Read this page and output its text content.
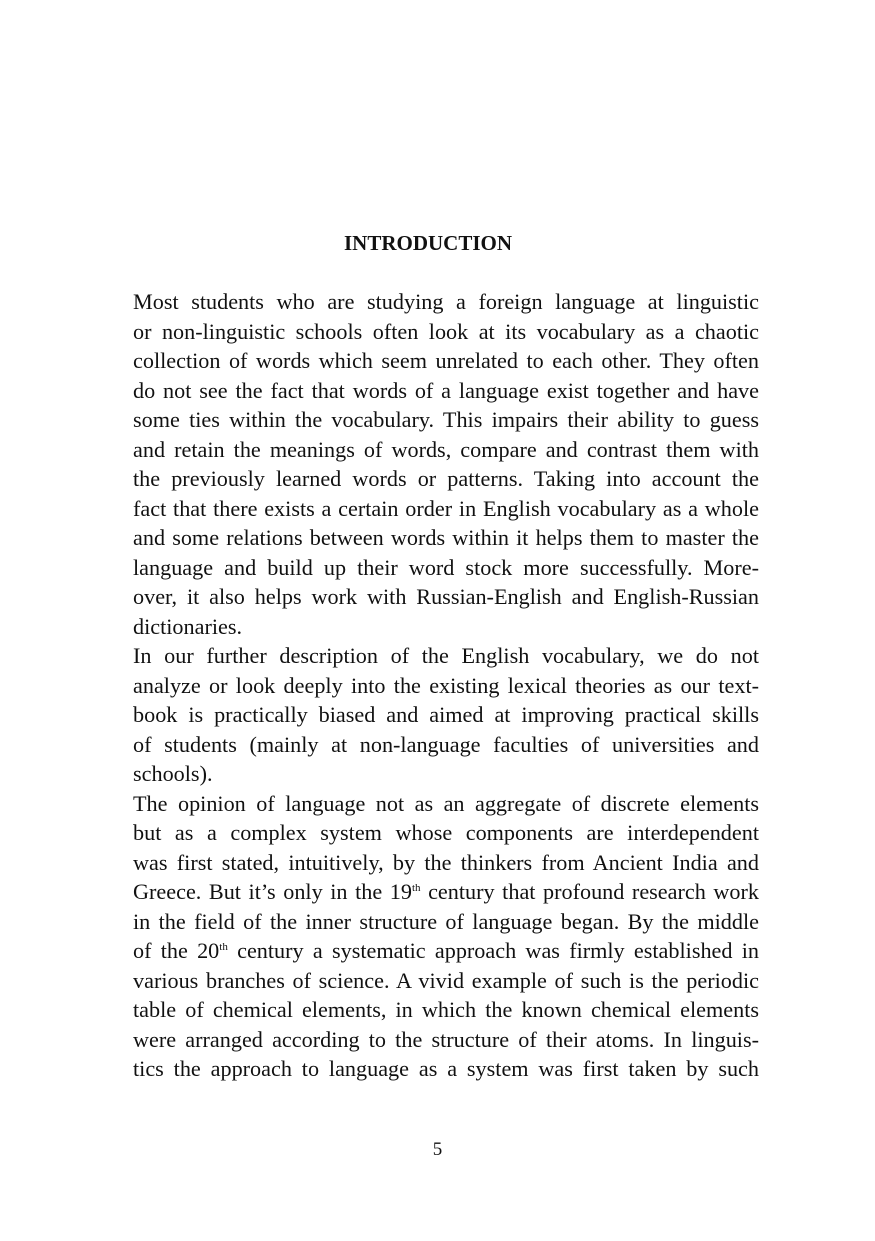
INTRODUCTION
Most students who are studying a foreign language at linguistic
or non-linguistic schools often look at its vocabulary as a chaotic
collection of words which seem unrelated to each other. They often
do not see the fact that words of a language exist together and have
some ties within the vocabulary. This impairs their ability to guess
and retain the meanings of words, compare and contrast them with
the previously learned words or patterns. Taking into account the
fact that there exists a certain order in English vocabulary as a whole
and some relations between words within it helps them to master the
language and build up their word stock more successfully. More-
over, it also helps work with Russian-English and English-Russian
dictionaries.
In our further description of the English vocabulary, we do not
analyze or look deeply into the existing lexical theories as our text-
book is practically biased and aimed at improving practical skills
of students (mainly at non-language faculties of universities and
schools).
The opinion of language not as an aggregate of discrete elements
but as a complex system whose components are interdependent
was first stated, intuitively, by the thinkers from Ancient India and
Greece. But it’s only in the 19th century that profound research work
in the field of the inner structure of language began. By the middle
of the 20th century a systematic approach was firmly established in
various branches of science. A vivid example of such is the periodic
table of chemical elements, in which the known chemical elements
were arranged according to the structure of their atoms. In linguis-
tics the approach to language as a system was first taken by such
5
